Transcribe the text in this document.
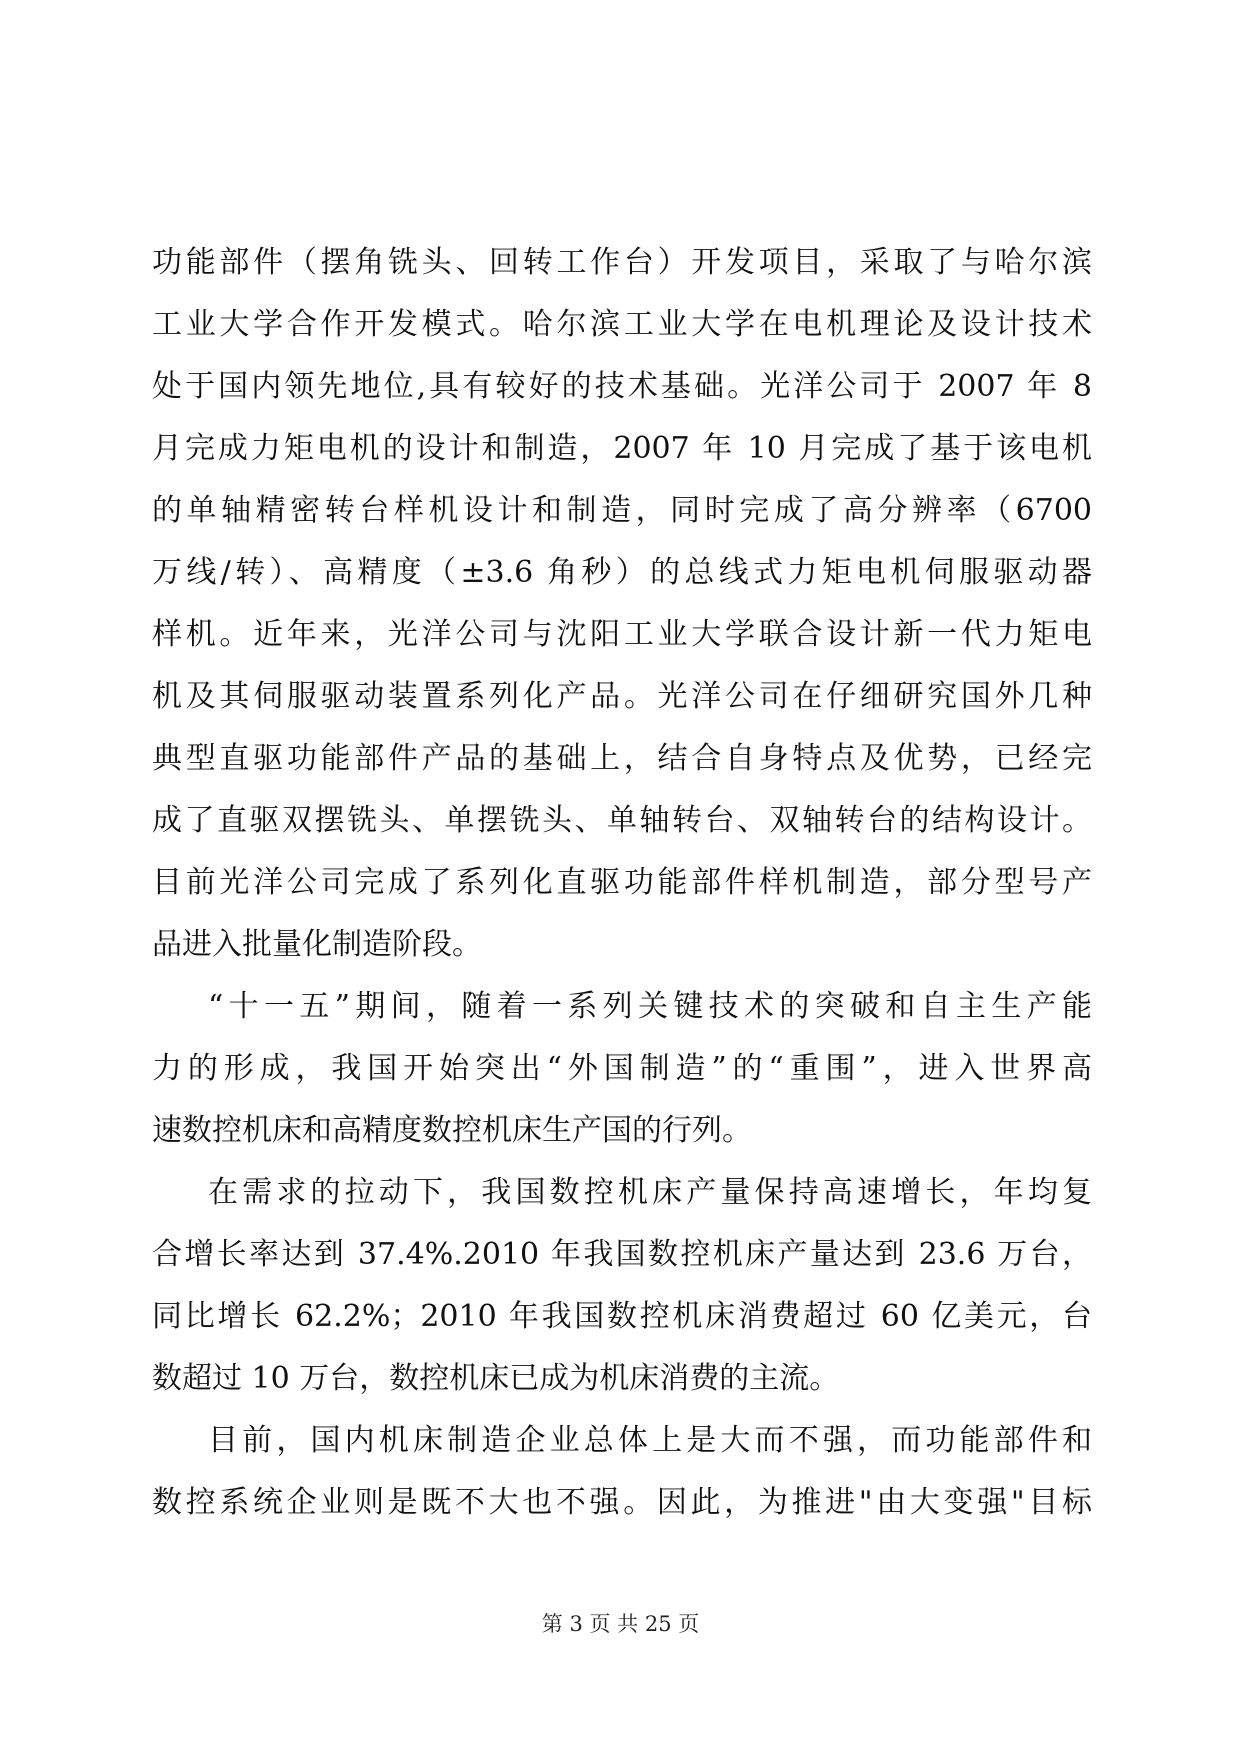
功能部件（摆角铣头、回转工作台）开发项目，采取了与哈尔滨
工业大学合作开发模式。哈尔滨工业大学在电机理论及设计技术
处于国内领先地位,具有较好的技术基础。光洋公司于 2007 年 8
月完成力矩电机的设计和制造，2007 年 10 月完成了基于该电机
的单轴精密转台样机设计和制造，同时完成了高分辨率（6700
万线/转）、高精度（±3.6 角秒）的总线式力矩电机伺服驱动器
样机。近年来，光洋公司与沈阳工业大学联合设计新一代力矩电
机及其伺服驱动装置系列化产品。光洋公司在仔细研究国外几种
典型直驱功能部件产品的基础上，结合自身特点及优势，已经完
成了直驱双摆铣头、单摆铣头、单轴转台、双轴转台的结构设计。
目前光洋公司完成了系列化直驱功能部件样机制造，部分型号产
品进入批量化制造阶段。
“十一五”期间，随着一系列关键技术的突破和自主生产能
力的形成，我国开始突出“外国制造”的“重围”，进入世界高
速数控机床和高精度数控机床生产国的行列。
在需求的拉动下，我国数控机床产量保持高速增长，年均复
合增长率达到 37.4%.2010 年我国数控机床产量达到 23.6 万台，
同比增长 62.2%；2010 年我国数控机床消费超过 60 亿美元，台
数超过 10 万台，数控机床已成为机床消费的主流。
目前，国内机床制造企业总体上是大而不强，而功能部件和
数控系统企业则是既不大也不强。因此，为推进"由大变强"目标
第 3 页 共 25 页
